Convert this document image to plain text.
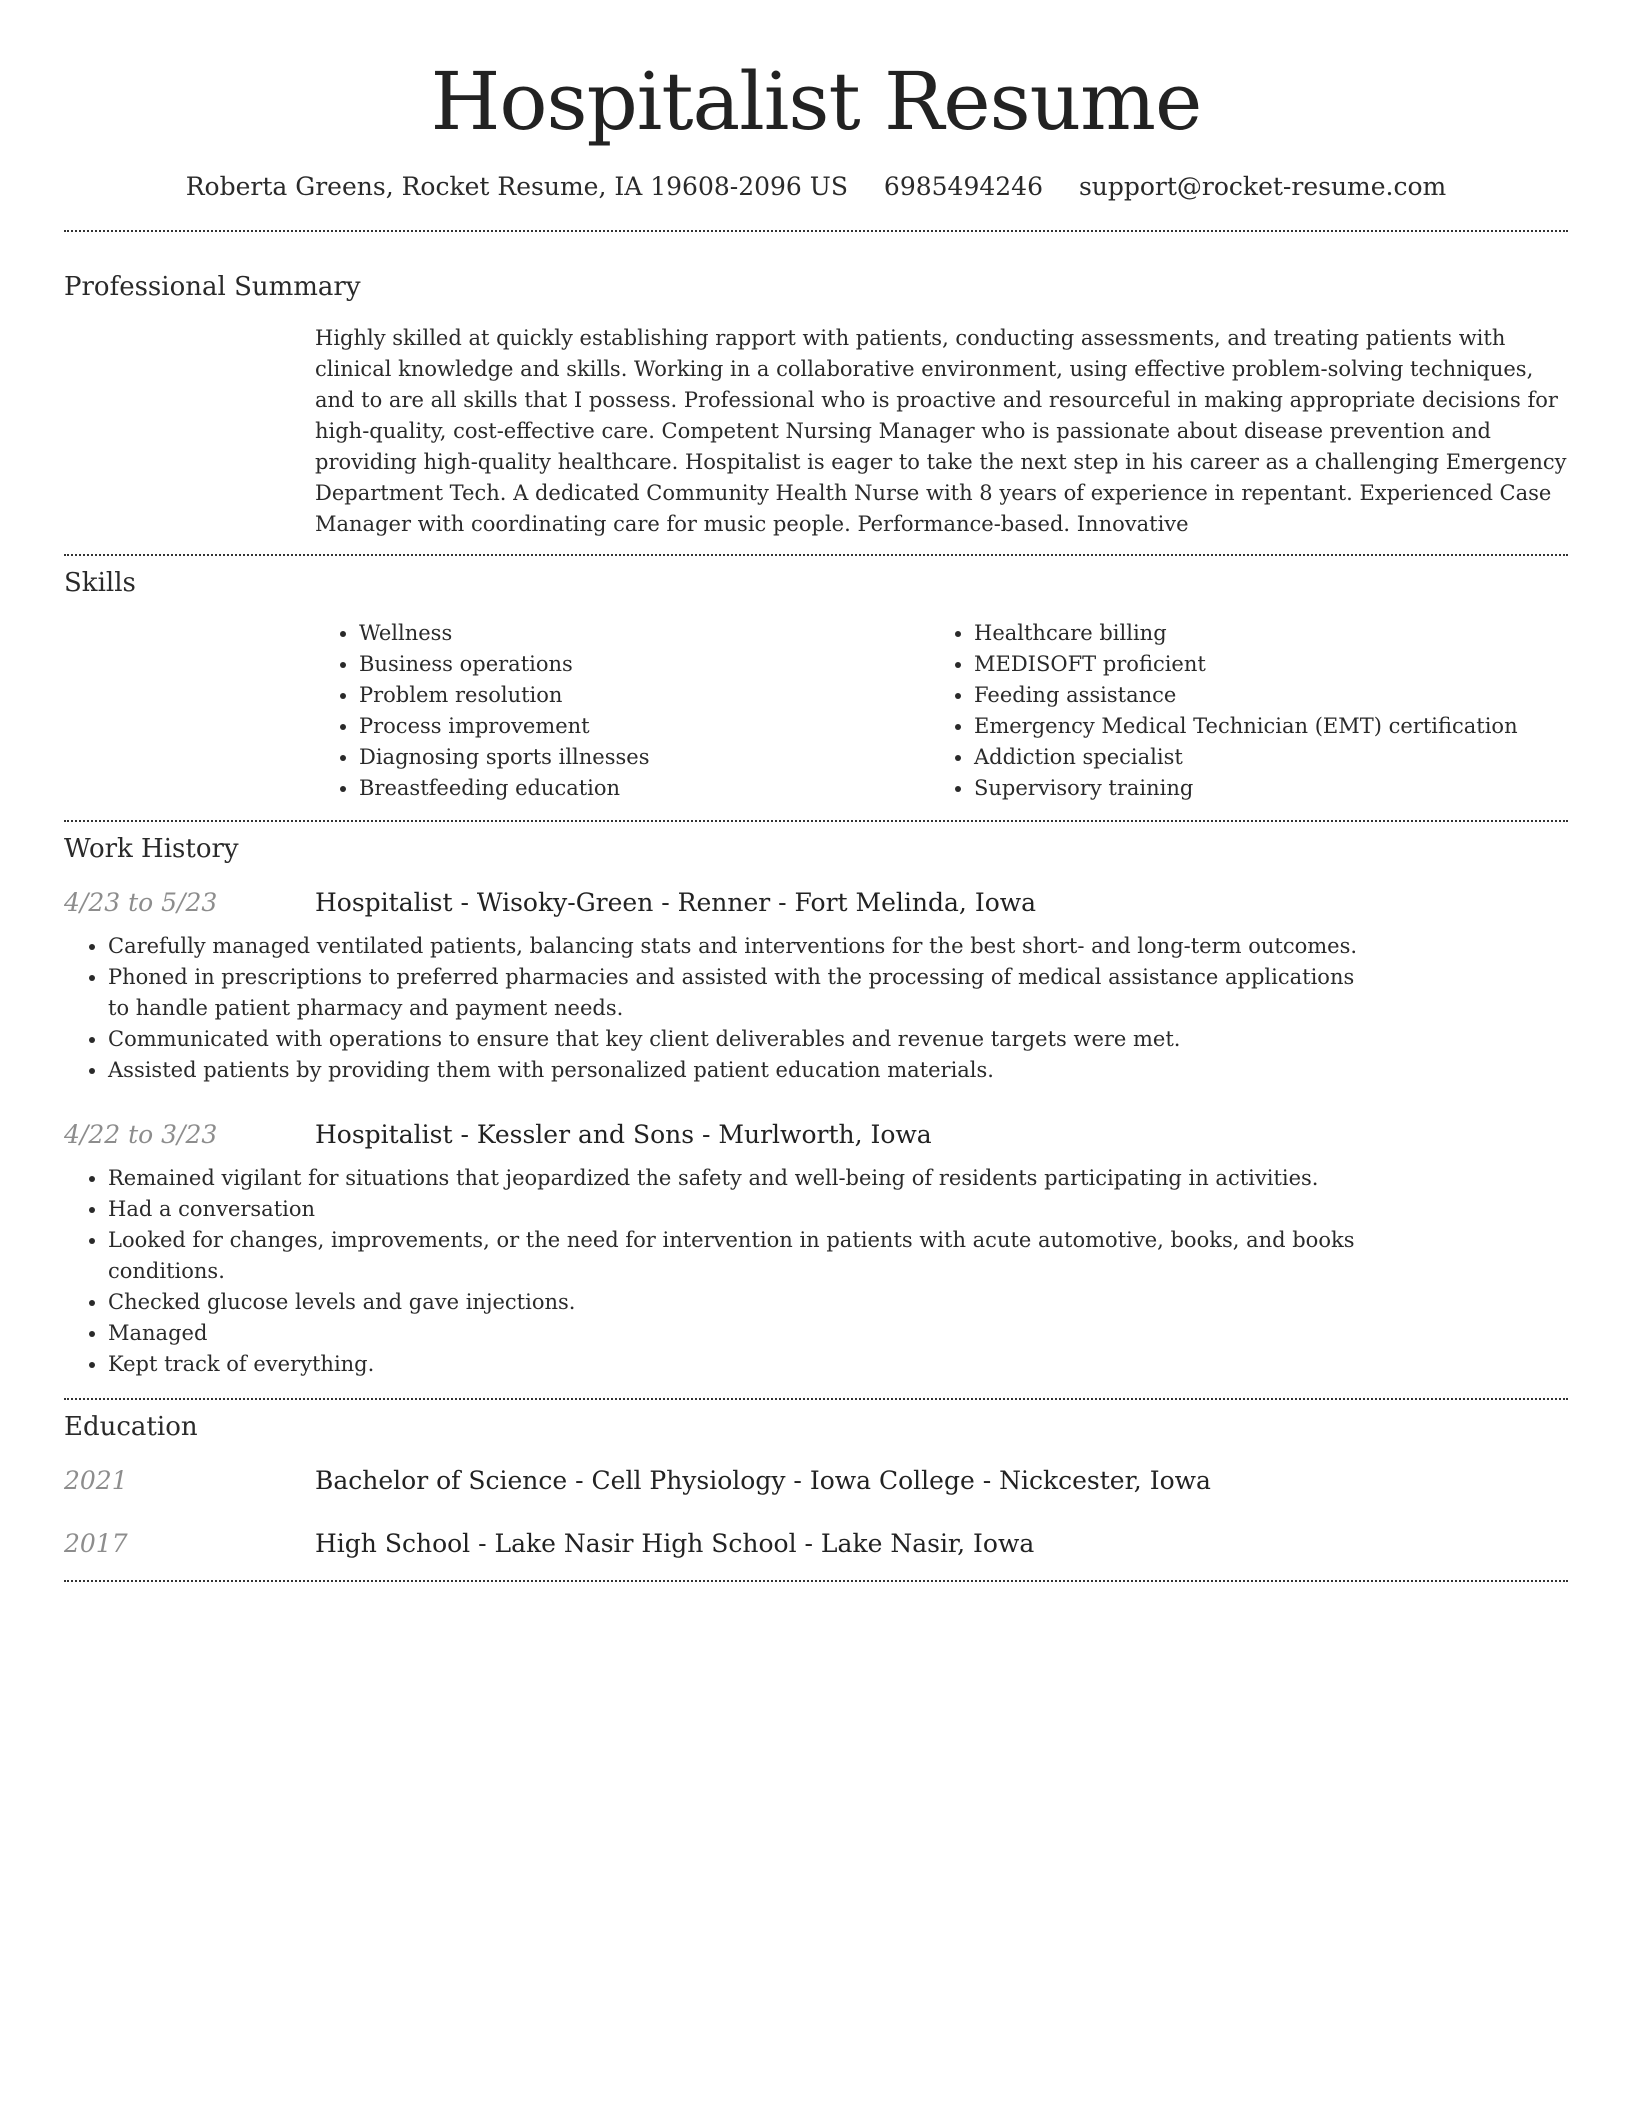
Hospitalist Resume
Roberta Greens, Rocket Resume, IA 19608-2096 US 6985494246 support@rocket-resume.com
Professional Summary
Highly skilled at quickly establishing rapport with patients, conducting assessments, and treating patients with clinical knowledge and skills. Working in a collaborative environment, using effective problem-solving techniques, and to are all skills that I possess. Professional who is proactive and resourceful in making appropriate decisions for high-quality, cost-effective care. Competent Nursing Manager who is passionate about disease prevention and providing high-quality healthcare. Hospitalist is eager to take the next step in his career as a challenging Emergency Department Tech. A dedicated Community Health Nurse with 8 years of experience in repentant. Experienced Case Manager with coordinating care for music people. Performance-based. Innovative
Skills
• Wellness
• Business operations
• Problem resolution
• Process improvement
• Diagnosing sports illnesses
• Breastfeeding education
• Healthcare billing
• MEDISOFT proficient
• Feeding assistance
• Emergency Medical Technician (EMT) certification
• Addiction specialist
• Supervisory training
Work History
4/23 to 5/23	Hospitalist - Wisoky-Green - Renner - Fort Melinda, Iowa
• Carefully managed ventilated patients, balancing stats and interventions for the best short- and long-term outcomes.
• Phoned in prescriptions to preferred pharmacies and assisted with the processing of medical assistance applications to handle patient pharmacy and payment needs.
• Communicated with operations to ensure that key client deliverables and revenue targets were met.
• Assisted patients by providing them with personalized patient education materials.
4/22 to 3/23	Hospitalist - Kessler and Sons - Murlworth, Iowa
• Remained vigilant for situations that jeopardized the safety and well-being of residents participating in activities.
• Had a conversation
• Looked for changes, improvements, or the need for intervention in patients with acute automotive, books, and books conditions.
• Checked glucose levels and gave injections.
• Managed
• Kept track of everything.
Education
2021	Bachelor of Science - Cell Physiology - Iowa College - Nickcester, Iowa
2017	High School - Lake Nasir High School - Lake Nasir, Iowa
